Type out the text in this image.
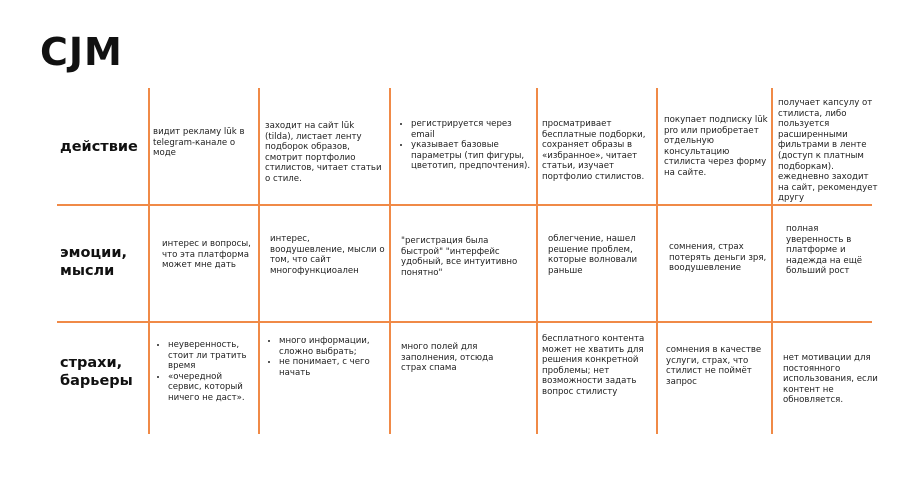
CJM
действие
эмоции, мысли
страхи, барьеры
видит рекламу lūk в telegram-канале о моде
заходит на сайт lūk (tilda), листает ленту подборок образов, смотрит портфолио стилистов, читает статьи о стиле.
• регистрируется через email
• указывает базовые параметры (тип фигуры, цветотип, предпочтения).
просматривает бесплатные подборки, сохраняет образы в «избранное», читает статьи, изучает портфолио стилистов.
покупает подписку lūk pro или приобретает отдельную консультацию стилиста через форму на сайте.
получает капсулу от стилиста, либо пользуется расширенными фильтрами в ленте (доступ к платным подборкам). ежедневно заходит на сайт, рекомендует другу
интерес и вопросы, что эта платформа может мне дать
интерес, воодушевление, мысли о том, что сайт многофункциоален
"регистрация была быстрой" "интерфейс удобный, все интуитивно понятно"
облегчение, нашел решение проблем, которые волновали раньше
сомнения, страх потерять деньги зря, воодушевление
полная уверенность в платформе и надежда на ещё больший рост
• неуверенность, стоит ли тратить время
• «очередной сервис, который ничего не даст».
• много информации, сложно выбрать;
• не понимает, с чего начать
много полей для заполнения, отсюда страх спама
бесплатного контента может не хватить для решения конкретной проблемы; нет возможности задать вопрос стилисту
сомнения в качестве услуги, страх, что стилист не поймёт запрос
нет мотивации для постоянного использования, если контент не обновляется.
